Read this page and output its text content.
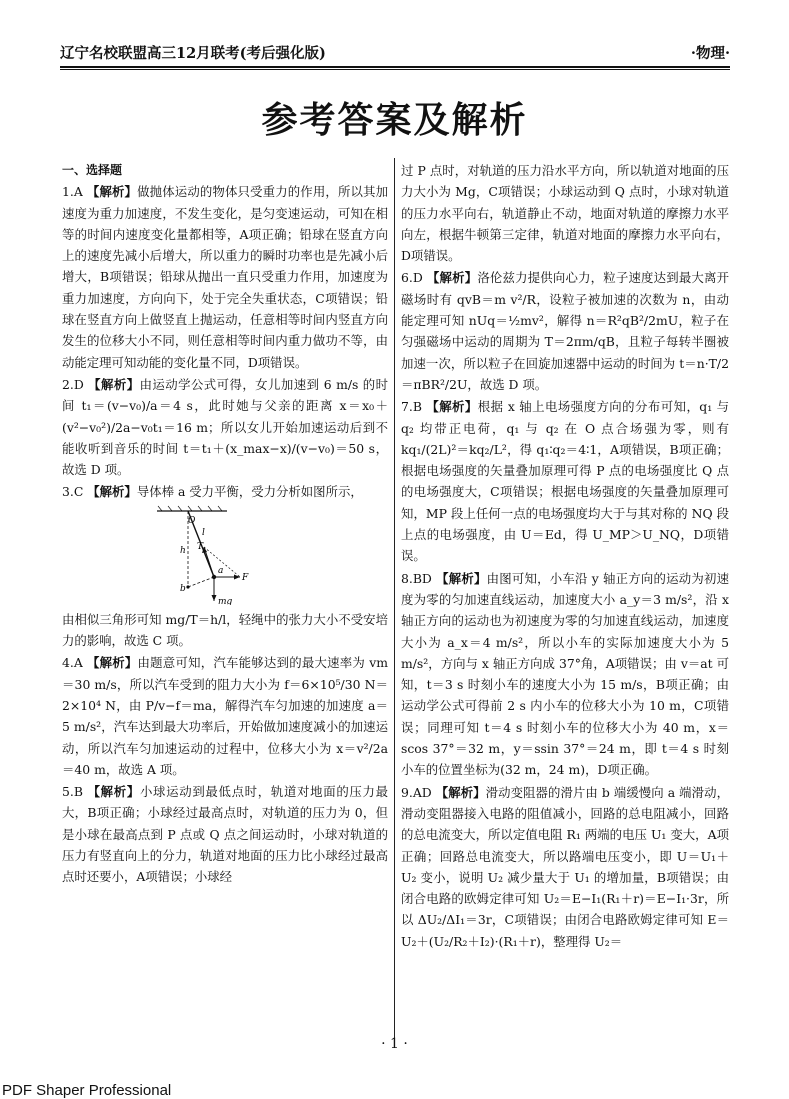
辽宁名校联盟高三12月联考(考后强化版)	·物理·
参考答案及解析

一、选择题

1.A 【解析】做抛体运动的物体只受重力的作用，所以其加速度为重力加速度，不发生变化，是匀变速运动，可知在相等的时间内速度变化量都相等，A项正确；铅球在竖直方向上的速度先减小后增大，所以重力的瞬时功率也是先减小后增大，B项错误；铅球从抛出一直只受重力作用，加速度为重力加速度，方向向下，处于完全失重状态，C项错误；铅球在竖直方向上做竖直上抛运动，任意相等时间内竖直方向发生的位移大小不同，则任意相等时间内重力做功不等，由动能定理可知动能的变化量不同，D项错误。

2.D 【解析】由运动学公式可得，女儿加速到 6 m/s 的时间 t₁＝(v−v₀)/a＝4 s，此时她与父亲的距离 x＝x₀＋(v²−v₀²)/2a−v₀t₁＝16 m；所以女儿开始加速运动后到不能收听到音乐的时间 t＝t₁＋(x_max−x)/(v−v₀)＝50 s，故选 D 项。

3.C 【解析】导体棒 a 受力平衡，受力分析如图所示，

O
l
T
h
a
b
F
mg

由相似三角形可知 mg/T＝h/l，轻绳中的张力大小不受安培力的影响，故选 C 项。

4.A 【解析】由题意可知，汽车能够达到的最大速率为 vm＝30 m/s，所以汽车受到的阻力大小为 f＝6×10⁵/30 N＝2×10⁴ N，由 P/v−f＝ma，解得汽车匀加速的加速度 a＝5 m/s²，汽车达到最大功率后，开始做加速度减小的加速运动，所以汽车匀加速运动的过程中，位移大小为 x＝v²/2a＝40 m，故选 A 项。

5.B 【解析】小球运动到最低点时，轨道对地面的压力最大，B项正确；小球经过最高点时，对轨道的压力为 0，但是小球在最高点到 P 点或 Q 点之间运动时，小球对轨道的压力有竖直向上的分力，轨道对地面的压力比小球经过最高点时还要小，A项错误；小球经

过 P 点时，对轨道的压力沿水平方向，所以轨道对地面的压力大小为 Mg，C项错误；小球运动到 Q 点时，小球对轨道的压力水平向右，轨道静止不动，地面对轨道的摩擦力水平向左，根据牛顿第三定律，轨道对地面的摩擦力水平向右，D项错误。

6.D 【解析】洛伦兹力提供向心力，粒子速度达到最大离开磁场时有 qvB＝m v²/R，设粒子被加速的次数为 n，由动能定理可知 nUq＝½mv²，解得 n＝R²qB²/2mU，粒子在匀强磁场中运动的周期为 T＝2πm/qB，且粒子每转半圈被加速一次，所以粒子在回旋加速器中运动的时间为 t＝n·T/2＝πBR²/2U，故选 D 项。

7.B 【解析】根据 x 轴上电场强度方向的分布可知，q₁ 与 q₂ 均带正电荷，q₁ 与 q₂ 在 O 点合场强为零，则有 kq₁/(2L)²＝kq₂/L²，得 q₁∶q₂＝4∶1，A项错误，B项正确；根据电场强度的矢量叠加原理可得 P 点的电场强度比 Q 点的电场强度大，C项错误；根据电场强度的矢量叠加原理可知，MP 段上任何一点的电场强度均大于与其对称的 NQ 段上点的电场强度，由 U＝Ed，得 U_MP＞U_NQ，D项错误。

8.BD 【解析】由图可知，小车沿 y 轴正方向的运动为初速度为零的匀加速直线运动，加速度大小 a_y＝3 m/s²，沿 x 轴正方向的运动也为初速度为零的匀加速直线运动，加速度大小为 a_x＝4 m/s²，所以小车的实际加速度大小为 5 m/s²，方向与 x 轴正方向成 37°角，A项错误；由 v＝at 可知，t＝3 s 时刻小车的速度大小为 15 m/s，B项正确；由运动学公式可得前 2 s 内小车的位移大小为 10 m，C项错误；同理可知 t＝4 s 时刻小车的位移大小为 40 m，x＝scos 37°＝32 m，y＝ssin 37°＝24 m，即 t＝4 s 时刻小车的位置坐标为(32 m，24 m)，D项正确。

9.AD 【解析】滑动变阻器的滑片由 b 端缓慢向 a 端滑动，滑动变阻器接入电路的阻值减小，回路的总电阻减小，回路的总电流变大，所以定值电阻 R₁ 两端的电压 U₁ 变大，A项正确；回路总电流变大，所以路端电压变小，即 U＝U₁＋U₂ 变小，说明 U₂ 减少量大于 U₁ 的增加量，B项错误；由闭合电路的欧姆定律可知 U₂＝E−I₁(R₁＋r)＝E−I₁·3r，所以 ΔU₂/ΔI₁＝3r，C项错误；由闭合电路欧姆定律可知 E＝U₂＋(U₂/R₂＋I₂)·(R₁＋r)，整理得 U₂＝

· 1 ·
PDF Shaper Professional
